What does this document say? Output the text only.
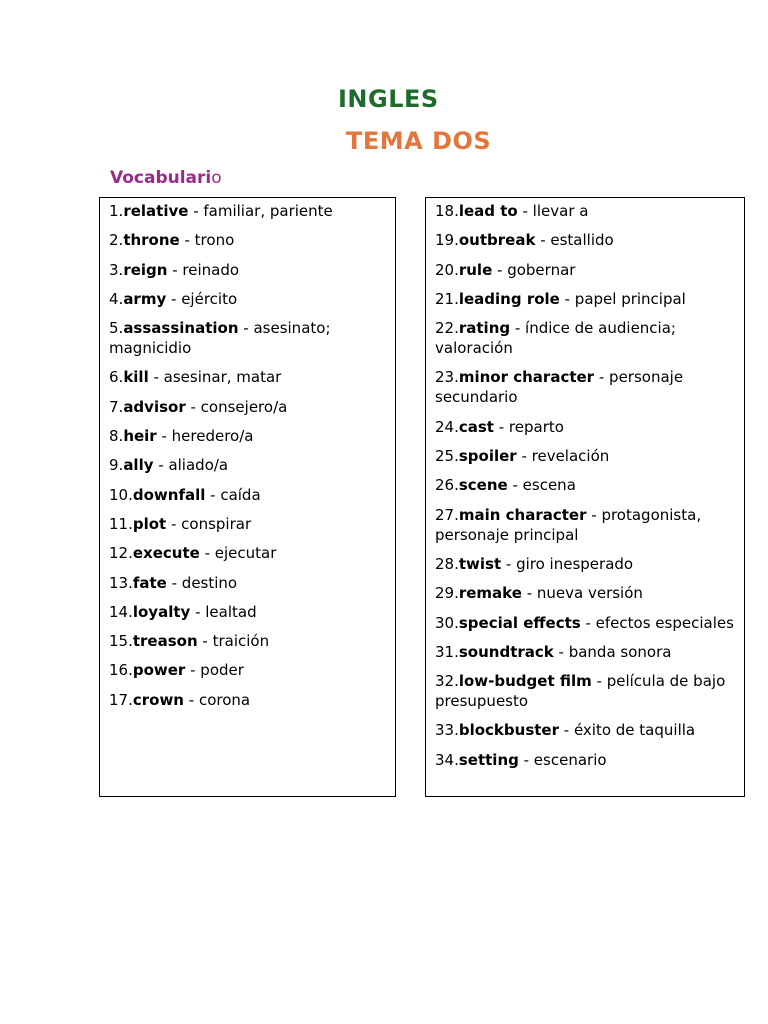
INGLES
TEMA DOS
Vocabulario
1.relative - familiar, pariente
2.throne - trono
3.reign - reinado
4.army - ejército
5.assassination - asesinato; magnicidio
6.kill - asesinar, matar
7.advisor - consejero/a
8.heir - heredero/a
9.ally - aliado/a
10.downfall - caída
11.plot - conspirar
12.execute - ejecutar
13.fate - destino
14.loyalty - lealtad
15.treason - traición
16.power - poder
17.crown - corona
18.lead to - llevar a
19.outbreak - estallido
20.rule - gobernar
21.leading role - papel principal
22.rating - índice de audiencia; valoración
23.minor character - personaje secundario
24.cast - reparto
25.spoiler - revelación
26.scene - escena
27.main character - protagonista, personaje principal
28.twist - giro inesperado
29.remake - nueva versión
30.special effects - efectos especiales
31.soundtrack - banda sonora
32.low-budget film - película de bajo presupuesto
33.blockbuster - éxito de taquilla
34.setting - escenario
